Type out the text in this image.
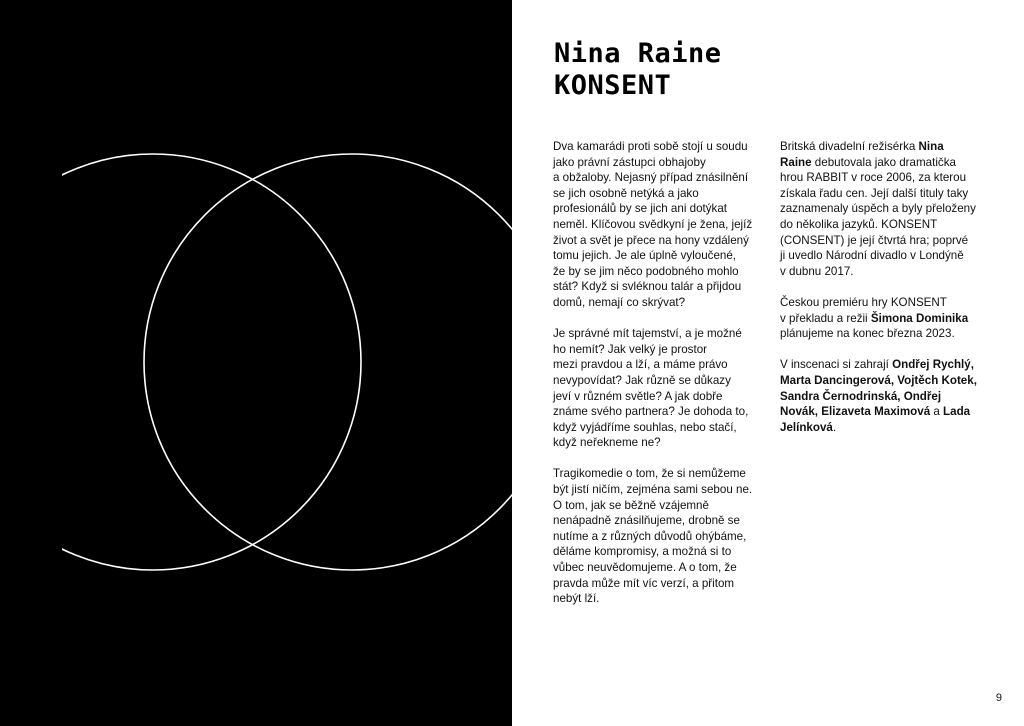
Nina Raine
KONSENT

Dva kamarádi proti sobě stojí u soudu
jako právní zástupci obhajoby
a obžaloby. Nejasný případ znásilnění
se jich osobně netýká a jako
profesionálů by se jich ani dotýkat
neměl. Klíčovou svědkyní je žena, jejíž
život a svět je přece na hony vzdálený
tomu jejich. Je ale úplně vyloučené,
že by se jim něco podobného mohlo
stát? Když si svléknou talár a přijdou
domů, nemají co skrývat?

Je správné mít tajemství, a je možné
ho nemít? Jak velký je prostor
mezi pravdou a lží, a máme právo
nevypovídat? Jak různě se důkazy
jeví v různém světle? A jak dobře
známe svého partnera? Je dohoda to,
když vyjádříme souhlas, nebo stačí,
když neřekneme ne?

Tragikomedie o tom, že si nemůžeme
být jistí ničím, zejména sami sebou ne.
O tom, jak se běžně vzájemně
nenápadně znásilňujeme, drobně se
nutíme a z různých důvodů ohýbáme,
děláme kompromisy, a možná si to
vůbec neuvědomujeme. A o tom, že
pravda může mít víc verzí, a přitom
nebýt lží.

Britská divadelní režisérka Nina
Raine debutovala jako dramatička
hrou RABBIT v roce 2006, za kterou
získala řadu cen. Její další tituly taky
zaznamenaly úspěch a byly přeloženy
do několika jazyků. KONSENT
(CONSENT) je její čtvrtá hra; poprvé
ji uvedlo Národní divadlo v Londýně
v dubnu 2017.

Českou premiéru hry KONSENT
v překladu a režii Šimona Dominika
plánujeme na konec března 2023.

V inscenaci si zahrají Ondřej Rychlý,
Marta Dancingerová, Vojtěch Kotek,
Sandra Černodrinská, Ondřej
Novák, Elizaveta Maximová a Lada
Jelínková.

9
